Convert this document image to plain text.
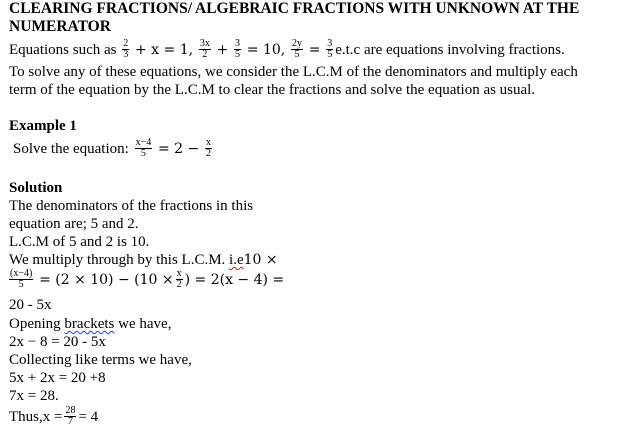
CLEARING FRACTIONS/ ALGEBRAIC FRACTIONS WITH UNKNOWN AT THE
NUMERATOR
Equations such as $\frac{2}{3} + x = 1$, $\frac{3x}{2} + \frac{3}{5} = 10$, $\frac{2y}{5} = \frac{3}{5} e.t.c$ are equations involving fractions.
To solve any of these equations, we consider the L.C.M of the denominators and multiply each
term of the equation by the L.C.M to clear the fractions and solve the equation as usual.
Example 1
Solve the equation: $\frac{x-4}{5} = 2 - \frac{x}{2}$
Solution
The denominators of the fractions in this
equation are; 5 and 2.
L.C.M of 5 and 2 is 10.
We multiply through by this L.C.M. i.e10 ×
$\frac{(x-4)}{5} = (2 \times 10) - (10 \times \frac{x}{2}$ ) = 2(x − 4) =
20 - 5x
Opening brackets we have,
2x − 8 = 20 - 5x
Collecting like terms we have,
5x + 2x = 20 +8
7x = 28.
Thus,x = $\frac{28}{7} = 4$
